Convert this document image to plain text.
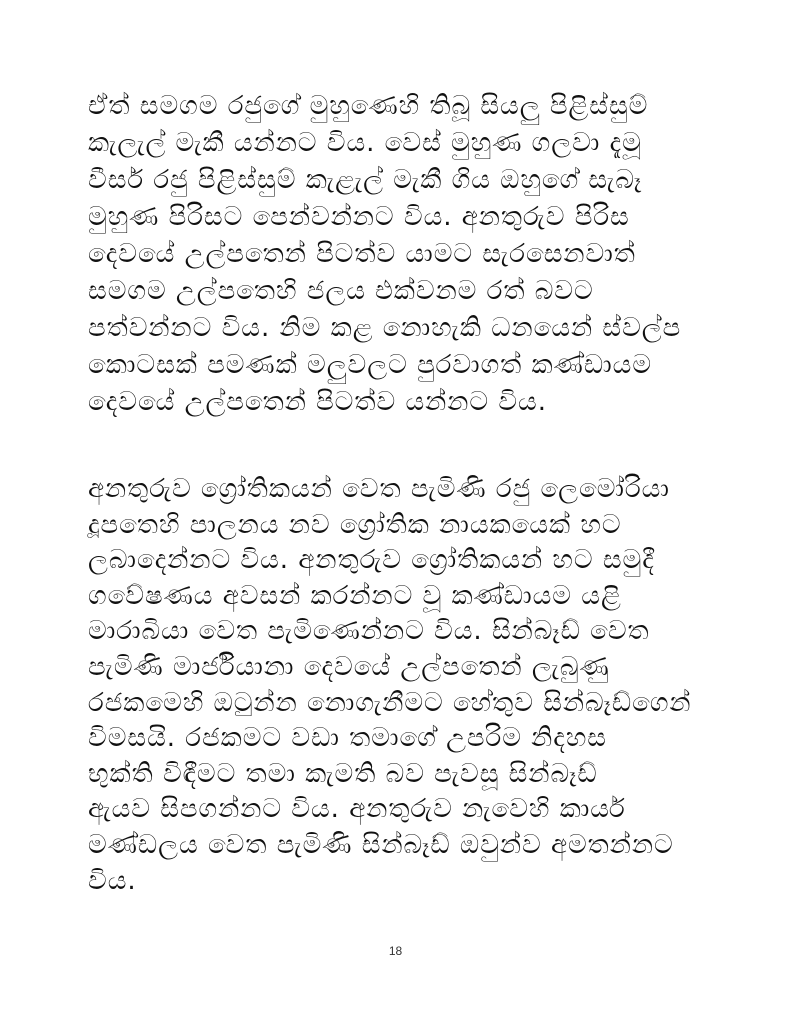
ඒත් සමගම රජුගේ මුහුණෙහි තිබූ සියලු පිළිස්සුම්
කැලැල් මැකී යන්නට විය. වෙස් මුහුණ ගලවා දැමූ
වීසර් රජු පිළිස්සුම් කැළැල් මැකී ගිය ඔහුගේ සැබෑ
මුහුණ පිරිසට පෙන්වන්නට විය. අනතුරුව පිරිස
දෙවයේ උල්පතෙන් පිටත්ව යාමට සැරසෙනවාත්
සමගම උල්පතෙහි ජලය එක්වනම රත් බවට
පත්වන්නට විය. නිම කළ නොහැකි ධනයෙන් ස්වල්ප
කොටසක් පමණක් මලුවලට පුරවාගත් කණ්ඩායම
දෙවයේ උල්පතෙන් පිටත්ව යන්නට විය.
අනතුරුව ග්‍රෝතිකයන් වෙත පැමිණි රජු ලෙමෝරියා
දූපතෙහි පාලනය නව ග්‍රෝතික නායකයෙක් හට
ලබාදෙන්නට විය. අනතුරුව ග්‍රෝතිකයන් හට සමුදී
ගවේෂණය අවසන් කරන්නට වූ කණ්ඩායම යළි
මාරාබියා වෙත පැමිණෙන්නට විය. සින්බෑඩ් වෙත
පැමිණි මාර්ජියානා දෙවයේ උල්පතෙන් ලැබුණු
රජකමෙහි ඔටුන්න නොගැනීමට හේතුව සින්බෑඩ්ගෙන්
විමසයි. රජකමට වඩා තමාගේ උපරිම නිදහස
භුක්ති විඳීමට තමා කැමති බව පැවසූ සින්බෑඩ්
ඇයව සිපගන්නට විය. අනතුරුව නැවෙහි කාර්ය
මණ්ඩලය වෙත පැමිණි සින්බෑඩ් ඔවුන්ව අමතන්නට
විය.
18
